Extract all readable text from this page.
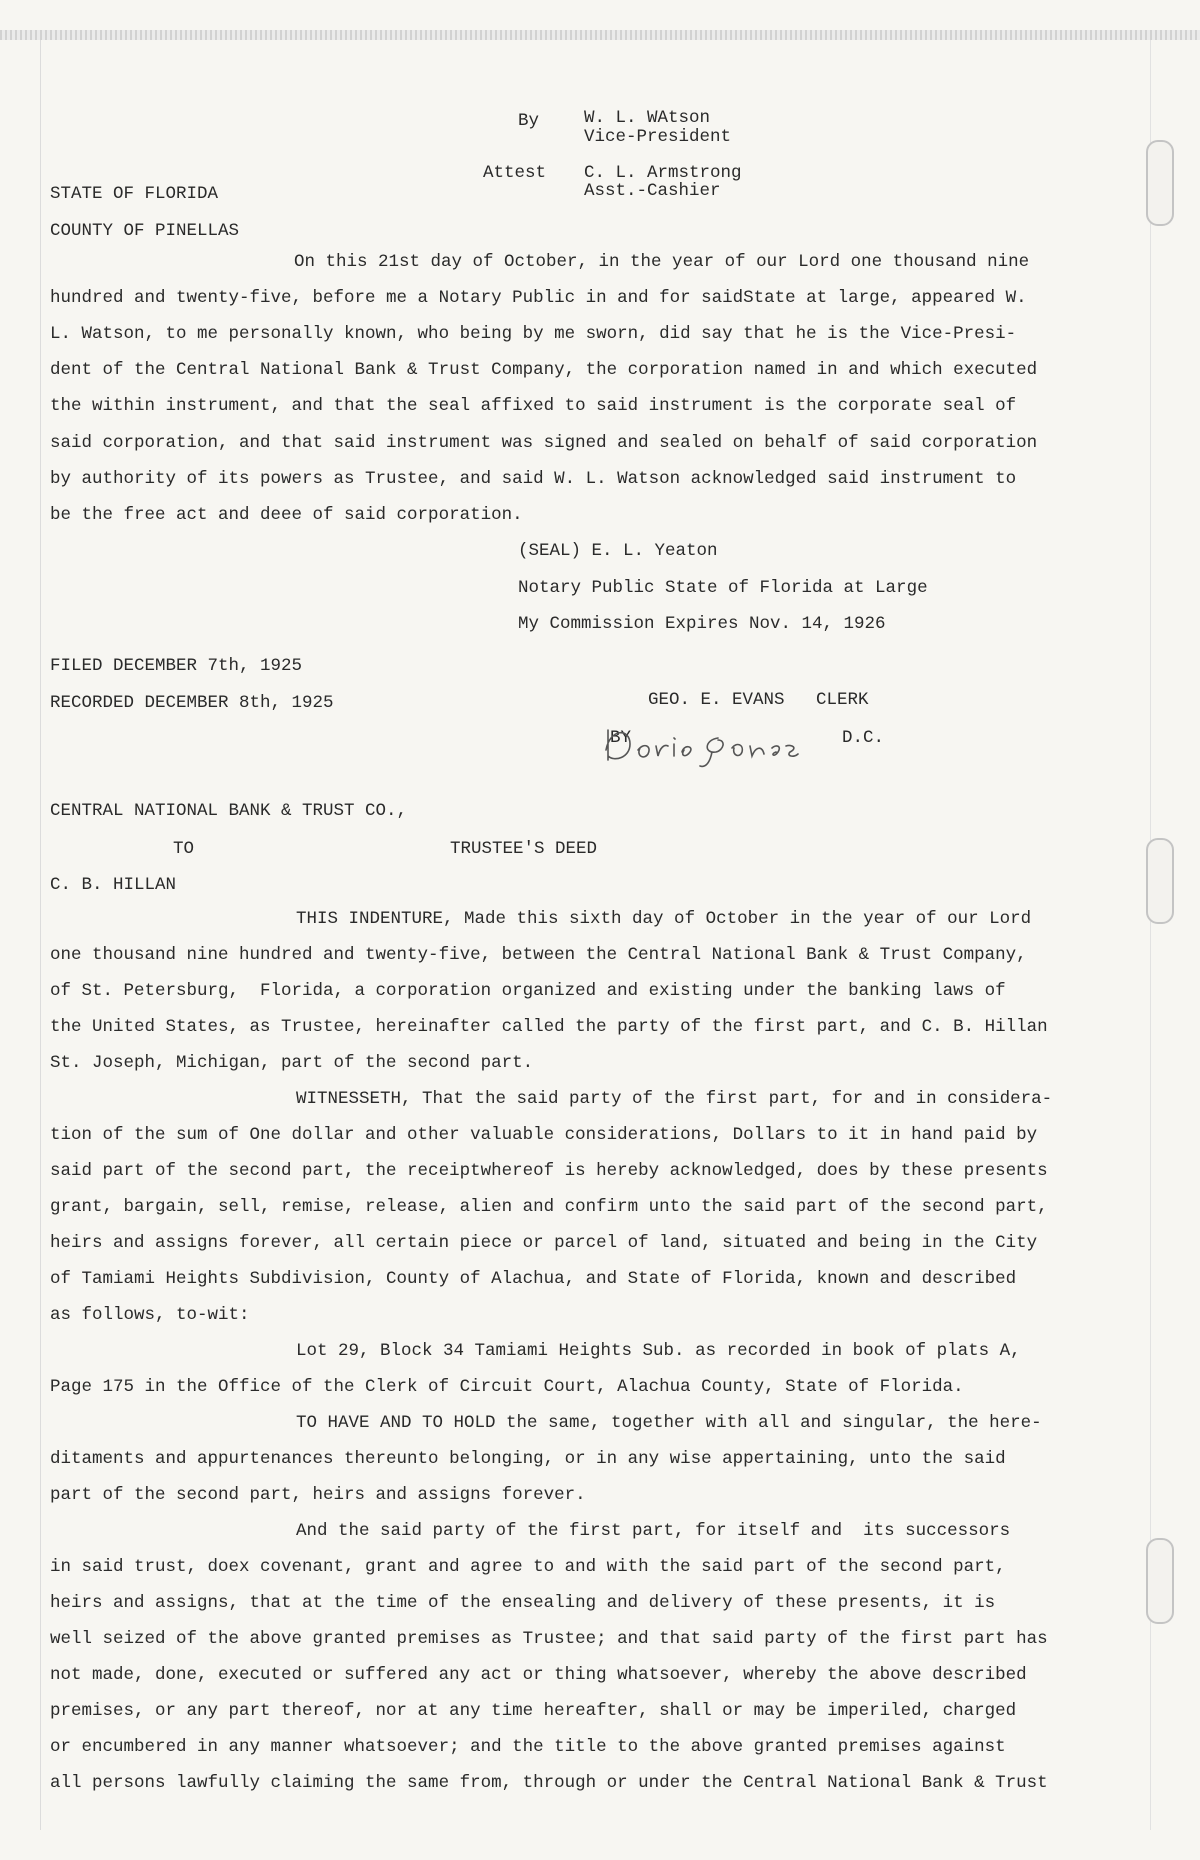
By	W. L. WAtson
Vice-President
Attest C. L. Armstrong
Asst.-Cashier
STATE OF FLORIDA
COUNTY OF PINELLAS
On this 21st day of October, in the year of our Lord one thousand nine
hundred and twenty-five, before me a Notary Public in and for saidState at large, appeared W.
L. Watson, to me personally known, who being by me sworn, did say that he is the Vice-Presi-
dent of the Central National Bank & Trust Company, the corporation named in and which executed
the within instrument, and that the seal affixed to said instrument is the corporate seal of
said corporation, and that said instrument was signed and sealed on behalf of said corporation
by authority of its powers as Trustee, and said W. L. Watson acknowledged said instrument to
be the free act and deee of said corporation.
(SEAL) E. L. Yeaton
Notary Public State of Florida at Large
My Commission Expires Nov. 14, 1926
FILED DECEMBER 7th, 1925
RECORDED DECEMBER 8th, 1925	GEO. E. EVANS   CLERK
BY	D.C.
CENTRAL NATIONAL BANK & TRUST CO.,
TO	TRUSTEE'S DEED
C. B. HILLAN
THIS INDENTURE, Made this sixth day of October in the year of our Lord
one thousand nine hundred and twenty-five, between the Central National Bank & Trust Company,
of St. Petersburg,  Florida, a corporation organized and existing under the banking laws of
the United States, as Trustee, hereinafter called the party of the first part, and C. B. Hillan
St. Joseph, Michigan, part of the second part.
WITNESSETH, That the said party of the first part, for and in considera-
tion of the sum of One dollar and other valuable considerations, Dollars to it in hand paid by
said part of the second part, the receiptwhereof is hereby acknowledged, does by these presents
grant, bargain, sell, remise, release, alien and confirm unto the said part of the second part,
heirs and assigns forever, all certain piece or parcel of land, situated and being in the City
of Tamiami Heights Subdivision, County of Alachua, and State of Florida, known and described
as follows, to-wit:
Lot 29, Block 34 Tamiami Heights Sub. as recorded in book of plats A,
Page 175 in the Office of the Clerk of Circuit Court, Alachua County, State of Florida.
TO HAVE AND TO HOLD the same, together with all and singular, the here-
ditaments and appurtenances thereunto belonging, or in any wise appertaining, unto the said
part of the second part, heirs and assigns forever.
And the said party of the first part, for itself and  its successors
in said trust, doex covenant, grant and agree to and with the said part of the second part,
heirs and assigns, that at the time of the ensealing and delivery of these presents, it is
well seized of the above granted premises as Trustee; and that said party of the first part has
not made, done, executed or suffered any act or thing whatsoever, whereby the above described
premises, or any part thereof, nor at any time hereafter, shall or may be imperiled, charged
or encumbered in any manner whatsoever; and the title to the above granted premises against
all persons lawfully claiming the same from, through or under the Central National Bank & Trust
